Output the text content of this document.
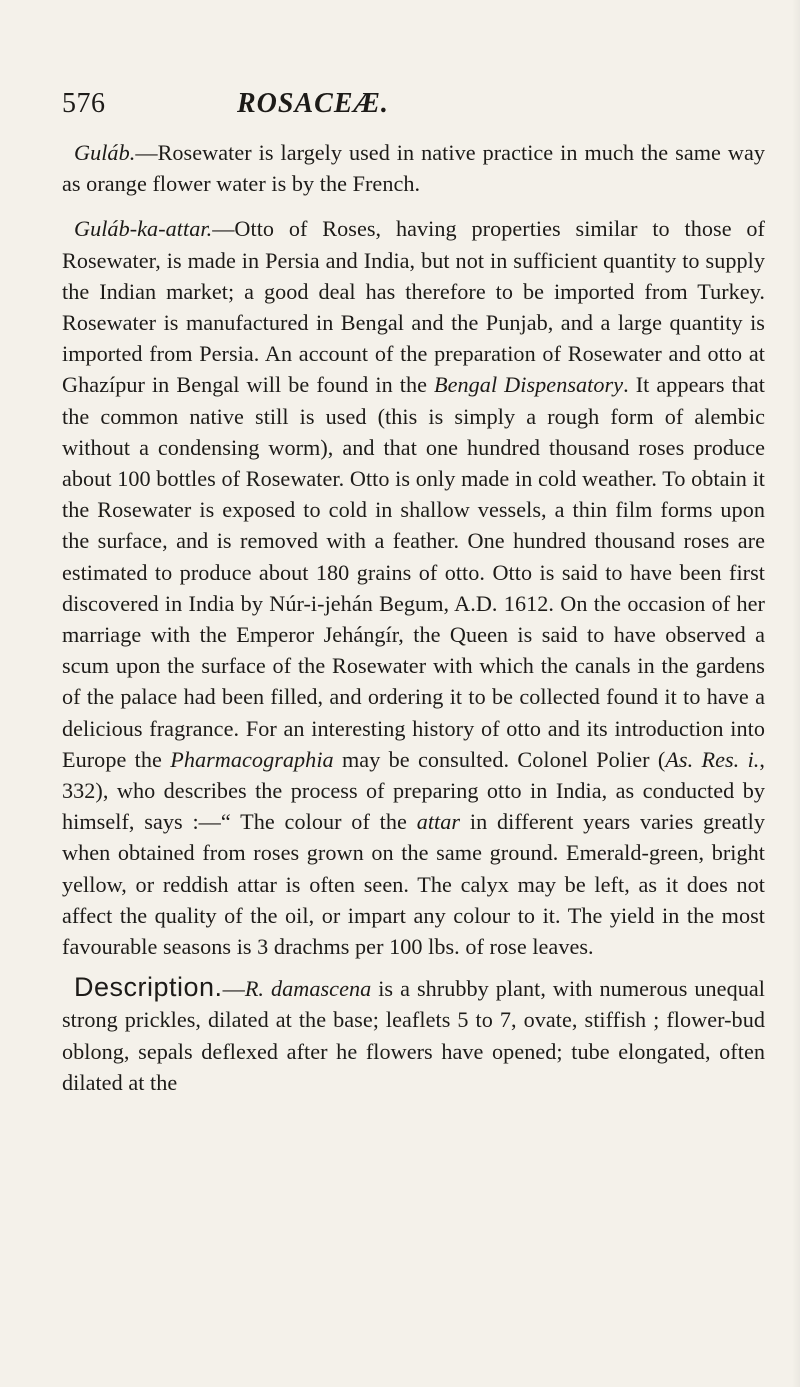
576	ROSACEÆ.

Guláb.—Rosewater is largely used in native practice in much the same way as orange flower water is by the French.

Guláb-ka-attar.—Otto of Roses, having properties similar to those of Rosewater, is made in Persia and India, but not in sufficient quantity to supply the Indian market; a good deal has therefore to be imported from Turkey. Rosewater is manufactured in Bengal and the Punjab, and a large quantity is imported from Persia. An account of the preparation of Rosewater and otto at Ghazípur in Bengal will be found in the Bengal Dispensatory. It appears that the common native still is used (this is simply a rough form of alembic without a condensing worm), and that one hundred thousand roses produce about 100 bottles of Rosewater. Otto is only made in cold weather. To obtain it the Rosewater is exposed to cold in shallow vessels, a thin film forms upon the surface, and is removed with a feather. One hundred thousand roses are estimated to produce about 180 grains of otto. Otto is said to have been first discovered in India by Núr-i-jehán Begum, A.D. 1612. On the occasion of her marriage with the Emperor Jehángír, the Queen is said to have observed a scum upon the surface of the Rosewater with which the canals in the gardens of the palace had been filled, and ordering it to be collected found it to have a delicious fragrance. For an interesting history of otto and its introduction into Europe the Pharmacographia may be consulted. Colonel Polier (As. Res. i., 332), who describes the process of preparing otto in India, as conducted by himself, says :—“ The colour of the attar in different years varies greatly when obtained from roses grown on the same ground. Emerald-green, bright yellow, or reddish attar is often seen. The calyx may be left, as it does not affect the quality of the oil, or impart any colour to it. The yield in the most favourable seasons is 3 drachms per 100 lbs. of rose leaves.

Description.—R. damascena is a shrubby plant, with numerous unequal strong prickles, dilated at the base; leaflets 5 to 7, ovate, stiffish ; flower-bud oblong, sepals deflexed after he flowers have opened; tube elongated, often dilated at the
